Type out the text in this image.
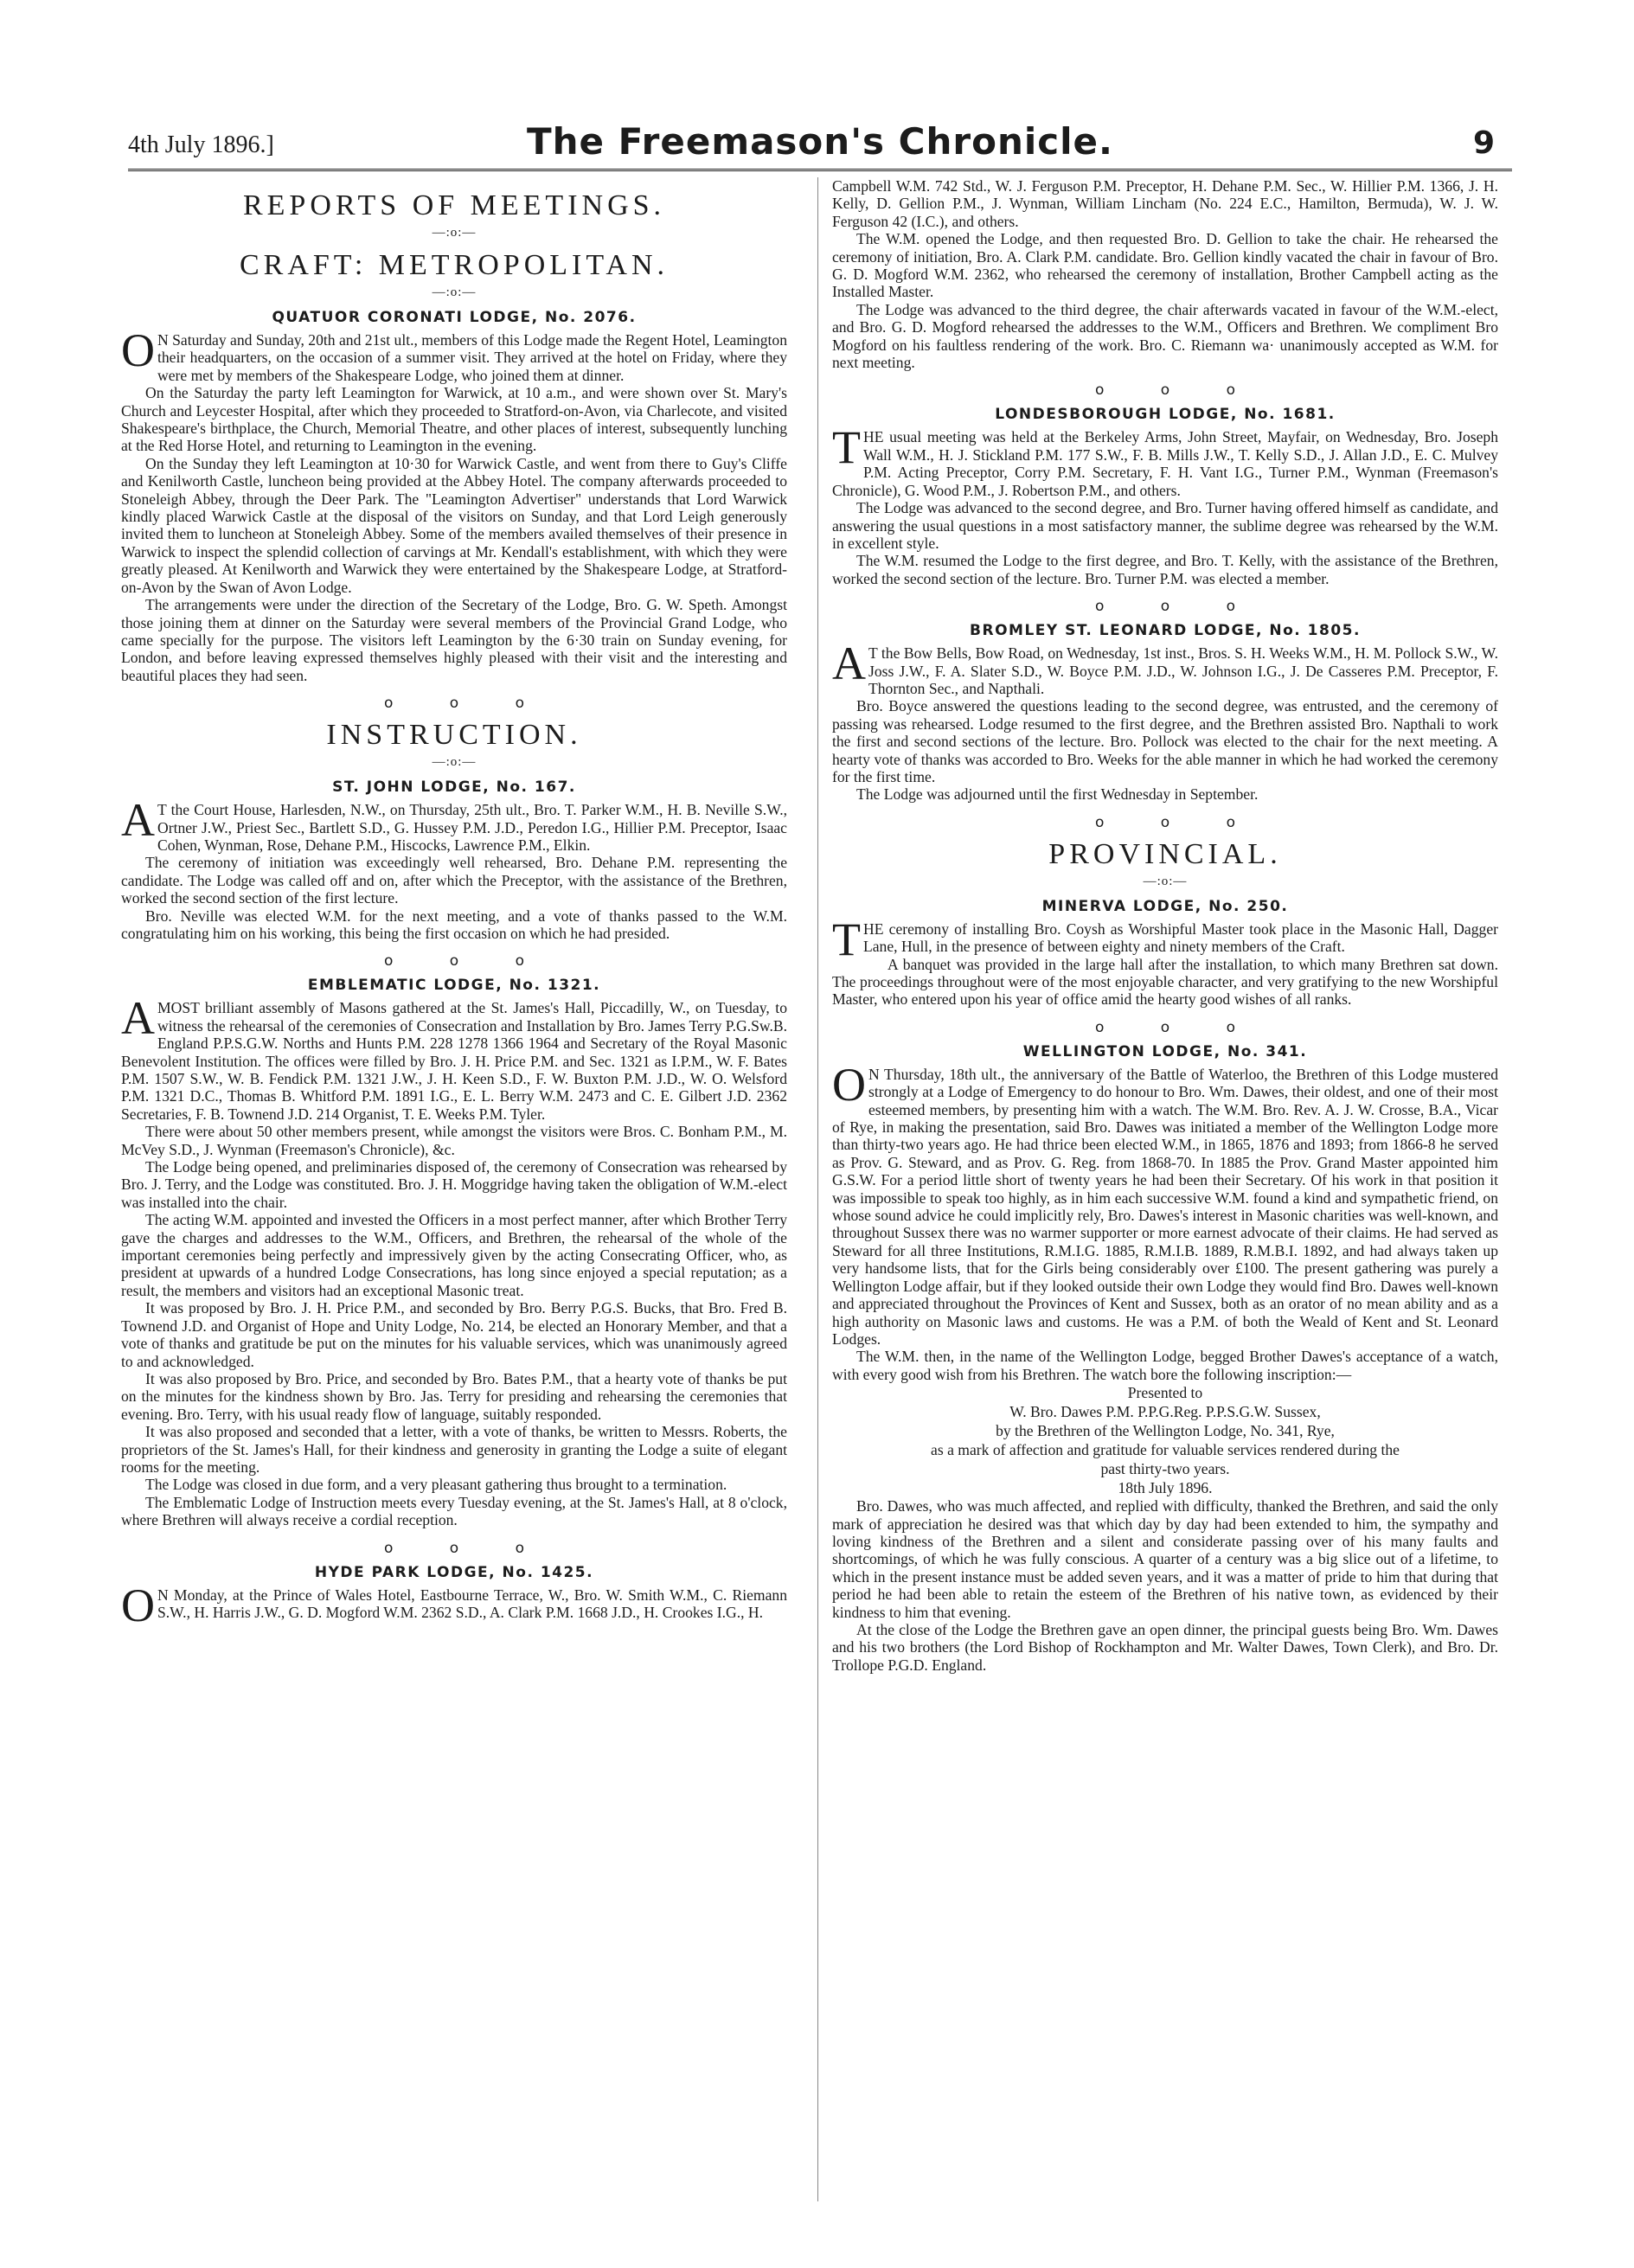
4th July 1896.]	The Freemason's Chronicle.	9
REPORTS OF MEETINGS.
—:o:—
CRAFT: METROPOLITAN.
—:o:—
QUATUOR CORONATI LODGE, No. 2076.

ON Saturday and Sunday, 20th and 21st ult., members of this Lodge made the Regent Hotel, Leamington their headquarters, on the occasion of a summer visit. They arrived at the hotel on Friday, where they were met by members of the Shakespeare Lodge, who joined them at dinner.

On the Saturday the party left Leamington for Warwick, at 10 a.m., and were shown over St. Mary's Church and Leycester Hospital, after which they proceeded to Stratford-on-Avon, via Charlecote, and visited Shakespeare's birthplace, the Church, Memorial Theatre, and other places of interest, subsequently lunching at the Red Horse Hotel, and returning to Leamington in the evening.

On the Sunday they left Leamington at 10·30 for Warwick Castle, and went from there to Guy's Cliffe and Kenilworth Castle, luncheon being provided at the Abbey Hotel. The company afterwards proceeded to Stoneleigh Abbey, through the Deer Park. The "Leamington Advertiser" understands that Lord Warwick kindly placed Warwick Castle at the disposal of the visitors on Sunday, and that Lord Leigh generously invited them to luncheon at Stoneleigh Abbey. Some of the members availed themselves of their presence in Warwick to inspect the splendid collection of carvings at Mr. Kendall's establishment, with which they were greatly pleased. At Kenilworth and Warwick they were entertained by the Shakespeare Lodge, at Stratford-on-Avon by the Swan of Avon Lodge.

The arrangements were under the direction of the Secretary of the Lodge, Bro. G. W. Speth. Amongst those joining them at dinner on the Saturday were several members of the Provincial Grand Lodge, who came specially for the purpose. The visitors left Leamington by the 6·30 train on Sunday evening, for London, and before leaving expressed themselves highly pleased with their visit and the interesting and beautiful places they had seen.

o o o
INSTRUCTION.
—:o:—
ST. JOHN LODGE, No. 167.

AT the Court House, Harlesden, N.W., on Thursday, 25th ult., Bro. T. Parker W.M., H. B. Neville S.W., Ortner J.W., Priest Sec., Bartlett S.D., G. Hussey P.M. J.D., Peredon I.G., Hillier P.M. Preceptor, Isaac Cohen, Wynman, Rose, Dehane P.M., Hiscocks, Lawrence P.M., Elkin.

The ceremony of initiation was exceedingly well rehearsed, Bro. Dehane P.M. representing the candidate. The Lodge was called off and on, after which the Preceptor, with the assistance of the Brethren, worked the second section of the first lecture.

Bro. Neville was elected W.M. for the next meeting, and a vote of thanks passed to the W.M. congratulating him on his working, this being the first occasion on which he had presided.

o o o
EMBLEMATIC LODGE, No. 1321.

AMOST brilliant assembly of Masons gathered at the St. James's Hall, Piccadilly, W., on Tuesday, to witness the rehearsal of the ceremonies of Consecration and Installation by Bro. James Terry P.G.Sw.B. England P.P.S.G.W. Norths and Hunts P.M. 228 1278 1366 1964 and Secretary of the Royal Masonic Benevolent Institution. The offices were filled by Bro. J. H. Price P.M. and Sec. 1321 as I.P.M., W. F. Bates P.M. 1507 S.W., W. B. Fendick P.M. 1321 J.W., J. H. Keen S.D., F. W. Buxton P.M. J.D., W. O. Welsford P.M. 1321 D.C., Thomas B. Whitford P.M. 1891 I.G., E. L. Berry W.M. 2473 and C. E. Gilbert J.D. 2362 Secretaries, F. B. Townend J.D. 214 Organist, T. E. Weeks P.M. Tyler.

There were about 50 other members present, while amongst the visitors were Bros. C. Bonham P.M., M. McVey S.D., J. Wynman (Freemason's Chronicle), &c.

The Lodge being opened, and preliminaries disposed of, the ceremony of Consecration was rehearsed by Bro. J. Terry, and the Lodge was constituted. Bro. J. H. Moggridge having taken the obligation of W.M.-elect was installed into the chair.

The acting W.M. appointed and invested the Officers in a most perfect manner, after which Brother Terry gave the charges and addresses to the W.M., Officers, and Brethren, the rehearsal of the whole of the important ceremonies being perfectly and impressively given by the acting Consecrating Officer, who, as president at upwards of a hundred Lodge Consecrations, has long since enjoyed a special reputation; as a result, the members and visitors had an exceptional Masonic treat.

It was proposed by Bro. J. H. Price P.M., and seconded by Bro. Berry P.G.S. Bucks, that Bro. Fred B. Townend J.D. and Organist of Hope and Unity Lodge, No. 214, be elected an Honorary Member, and that a vote of thanks and gratitude be put on the minutes for his valuable services, which was unanimously agreed to and acknowledged.

It was also proposed by Bro. Price, and seconded by Bro. Bates P.M., that a hearty vote of thanks be put on the minutes for the kindness shown by Bro. Jas. Terry for presiding and rehearsing the ceremonies that evening. Bro. Terry, with his usual ready flow of language, suitably responded.

It was also proposed and seconded that a letter, with a vote of thanks, be written to Messrs. Roberts, the proprietors of the St. James's Hall, for their kindness and generosity in granting the Lodge a suite of elegant rooms for the meeting.

The Lodge was closed in due form, and a very pleasant gathering thus brought to a termination.

The Emblematic Lodge of Instruction meets every Tuesday evening, at the St. James's Hall, at 8 o'clock, where Brethren will always receive a cordial reception.

o o o
HYDE PARK LODGE, No. 1425.

ON Monday, at the Prince of Wales Hotel, Eastbourne Terrace, W., Bro. W. Smith W.M., C. Riemann S.W., H. Harris J.W., G. D. Mogford W.M. 2362 S.D., A. Clark P.M. 1668 J.D., H. Crookes I.G., H.

Campbell W.M. 742 Std., W. J. Ferguson P.M. Preceptor, H. Dehane P.M. Sec., W. Hillier P.M. 1366, J. H. Kelly, D. Gellion P.M., J. Wynman, William Lincham (No. 224 E.C., Hamilton, Bermuda), W. J. W. Ferguson 42 (I.C.), and others.

The W.M. opened the Lodge, and then requested Bro. D. Gellion to take the chair. He rehearsed the ceremony of initiation, Bro. A. Clark P.M. candidate. Bro. Gellion kindly vacated the chair in favour of Bro. G. D. Mogford W.M. 2362, who rehearsed the ceremony of installation, Brother Campbell acting as the Installed Master.

The Lodge was advanced to the third degree, the chair afterwards vacated in favour of the W.M.-elect, and Bro. G. D. Mogford rehearsed the addresses to the W.M., Officers and Brethren. We compliment Bro Mogford on his faultless rendering of the work. Bro. C. Riemann wa· unanimously accepted as W.M. for next meeting.

o o o
LONDESBOROUGH LODGE, No. 1681.

THE usual meeting was held at the Berkeley Arms, John Street, Mayfair, on Wednesday, Bro. Joseph Wall W.M., H. J. Stickland P.M. 177 S.W., F. B. Mills J.W., T. Kelly S.D., J. Allan J.D., E. C. Mulvey P.M. Acting Preceptor, Corry P.M. Secretary, F. H. Vant I.G., Turner P.M., Wynman (Freemason's Chronicle), G. Wood P.M., J. Robertson P.M., and others.

The Lodge was advanced to the second degree, and Bro. Turner having offered himself as candidate, and answering the usual questions in a most satisfactory manner, the sublime degree was rehearsed by the W.M. in excellent style.

The W.M. resumed the Lodge to the first degree, and Bro. T. Kelly, with the assistance of the Brethren, worked the second section of the lecture. Bro. Turner P.M. was elected a member.

o o o
BROMLEY ST. LEONARD LODGE, No. 1805.

AT the Bow Bells, Bow Road, on Wednesday, 1st inst., Bros. S. H. Weeks W.M., H. M. Pollock S.W., W. Joss J.W., F. A. Slater S.D., W. Boyce P.M. J.D., W. Johnson I.G., J. De Casseres P.M. Preceptor, F. Thornton Sec., and Napthali.

Bro. Boyce answered the questions leading to the second degree, was entrusted, and the ceremony of passing was rehearsed. Lodge resumed to the first degree, and the Brethren assisted Bro. Napthali to work the first and second sections of the lecture. Bro. Pollock was elected to the chair for the next meeting. A hearty vote of thanks was accorded to Bro. Weeks for the able manner in which he had worked the ceremony for the first time.

The Lodge was adjourned until the first Wednesday in September.

o o o
PROVINCIAL.
—:o:—
MINERVA LODGE, No. 250.

THE ceremony of installing Bro. Coysh as Worshipful Master took place in the Masonic Hall, Dagger Lane, Hull, in the presence of between eighty and ninety members of the Craft.

A banquet was provided in the large hall after the installation, to which many Brethren sat down. The proceedings throughout were of the most enjoyable character, and very gratifying to the new Worshipful Master, who entered upon his year of office amid the hearty good wishes of all ranks.

o o o
WELLINGTON LODGE, No. 341.

ON Thursday, 18th ult., the anniversary of the Battle of Waterloo, the Brethren of this Lodge mustered strongly at a Lodge of Emergency to do honour to Bro. Wm. Dawes, their oldest, and one of their most esteemed members, by presenting him with a watch. The W.M. Bro. Rev. A. J. W. Crosse, B.A., Vicar of Rye, in making the presentation, said Bro. Dawes was initiated a member of the Wellington Lodge more than thirty-two years ago. He had thrice been elected W.M., in 1865, 1876 and 1893; from 1866-8 he served as Prov. G. Steward, and as Prov. G. Reg. from 1868-70. In 1885 the Prov. Grand Master appointed him G.S.W. For a period little short of twenty years he had been their Secretary. Of his work in that position it was impossible to speak too highly, as in him each successive W.M. found a kind and sympathetic friend, on whose sound advice he could implicitly rely, Bro. Dawes's interest in Masonic charities was well-known, and throughout Sussex there was no warmer supporter or more earnest advocate of their claims. He had served as Steward for all three Institutions, R.M.I.G. 1885, R.M.I.B. 1889, R.M.B.I. 1892, and had always taken up very handsome lists, that for the Girls being considerably over £100. The present gathering was purely a Wellington Lodge affair, but if they looked outside their own Lodge they would find Bro. Dawes well-known and appreciated throughout the Provinces of Kent and Sussex, both as an orator of no mean ability and as a high authority on Masonic laws and customs. He was a P.M. of both the Weald of Kent and St. Leonard Lodges.

The W.M. then, in the name of the Wellington Lodge, begged Brother Dawes's acceptance of a watch, with every good wish from his Brethren. The watch bore the following inscription:—

Presented to
W. Bro. Dawes P.M. P.P.G.Reg. P.P.S.G.W. Sussex,
by the Brethren of the Wellington Lodge, No. 341, Rye,
as a mark of affection and gratitude for valuable services rendered during the
past thirty-two years.
18th July 1896.

Bro. Dawes, who was much affected, and replied with difficulty, thanked the Brethren, and said the only mark of appreciation he desired was that which day by day had been extended to him, the sympathy and loving kindness of the Brethren and a silent and considerate passing over of his many faults and shortcomings, of which he was fully conscious. A quarter of a century was a big slice out of a lifetime, to which in the present instance must be added seven years, and it was a matter of pride to him that during that period he had been able to retain the esteem of the Brethren of his native town, as evidenced by their kindness to him that evening.

At the close of the Lodge the Brethren gave an open dinner, the principal guests being Bro. Wm. Dawes and his two brothers (the Lord Bishop of Rockhampton and Mr. Walter Dawes, Town Clerk), and Bro. Dr. Trollope P.G.D. England.
